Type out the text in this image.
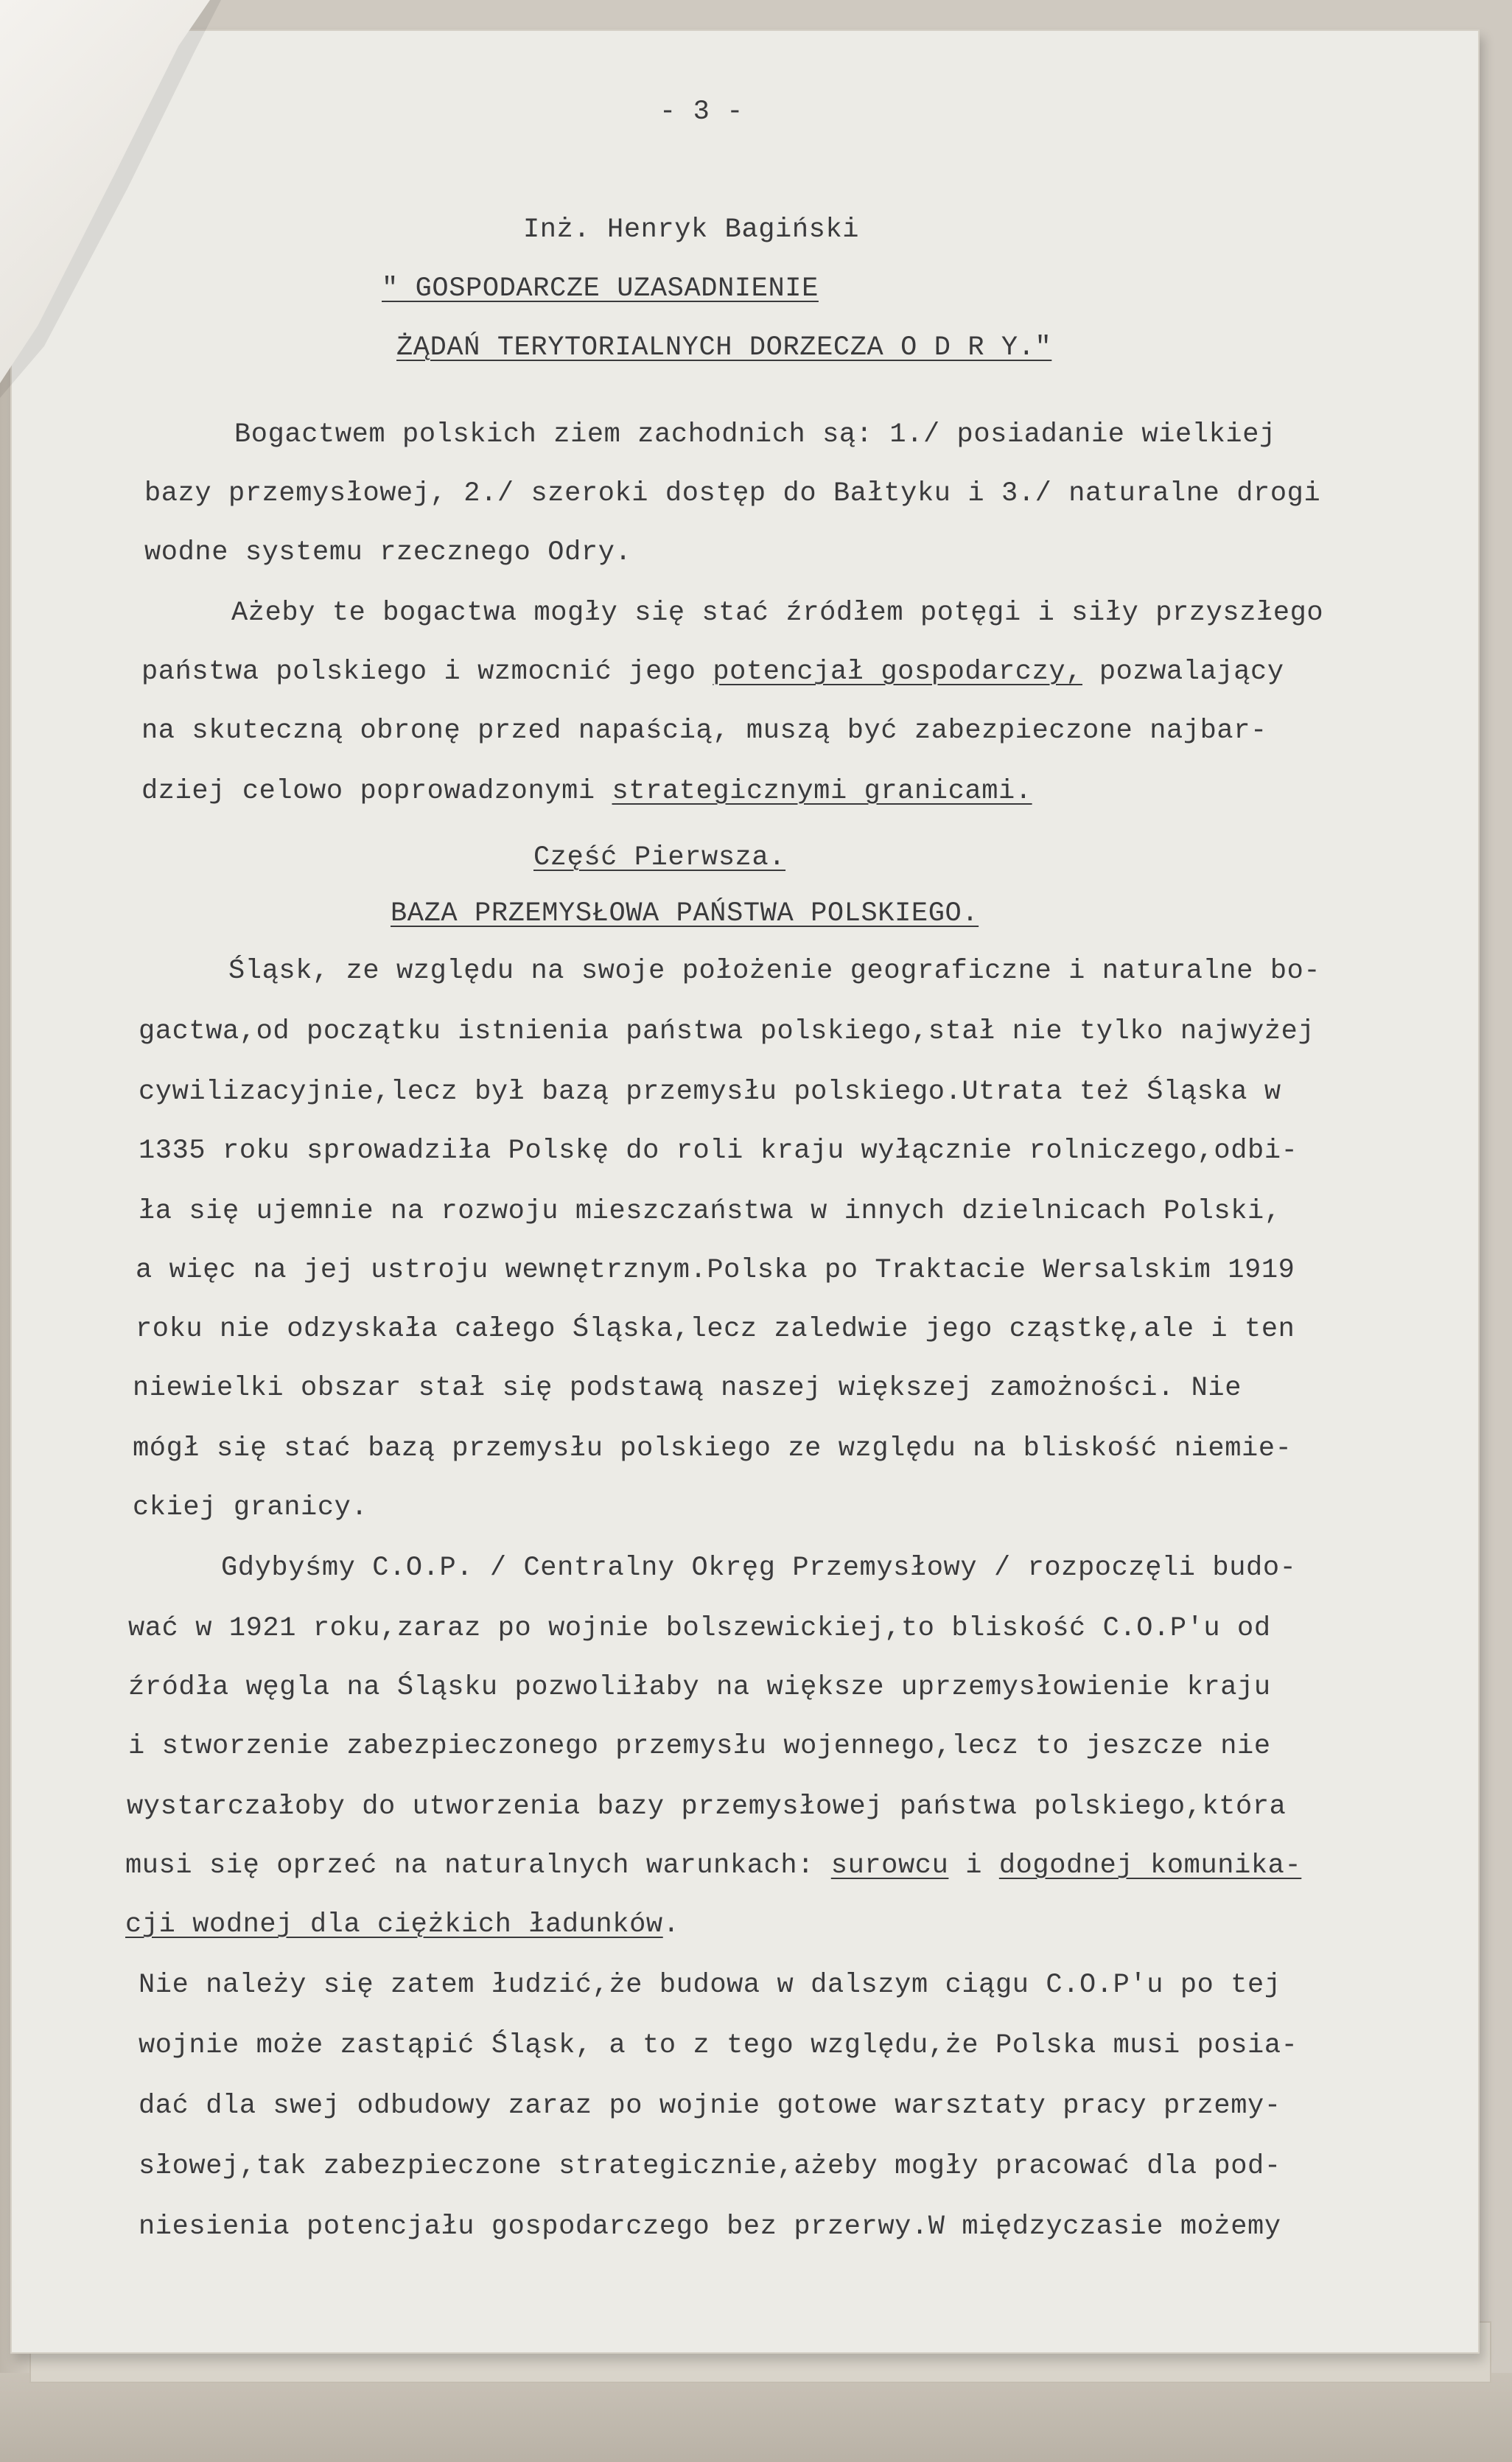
- 3 -
Inż. Henryk Bagiński
" GOSPODARCZE UZASADNIENIE
ŻĄDAŃ TERYTORIALNYCH DORZECZA O D R Y."
Bogactwem polskich ziem zachodnich są: 1./ posiadanie wielkiej
bazy przemysłowej, 2./ szeroki dostęp do Bałtyku i 3./ naturalne drogi
wodne systemu rzecznego Odry.
Ażeby te bogactwa mogły się stać źródłem potęgi i siły przyszłego
państwa polskiego i wzmocnić jego potencjał gospodarczy, pozwalający
na skuteczną obronę przed napaścią, muszą być zabezpieczone najbar-
dziej celowo poprowadzonymi strategicznymi granicami.
Część Pierwsza.
BAZA PRZEMYSŁOWA PAŃSTWA POLSKIEGO.
Śląsk, ze względu na swoje położenie geograficzne i naturalne bo-
gactwa,od początku istnienia państwa polskiego,stał nie tylko najwyżej
cywilizacyjnie,lecz był bazą przemysłu polskiego.Utrata też Śląska w
1335 roku sprowadziła Polskę do roli kraju wyłącznie rolniczego,odbi-
ła się ujemnie na rozwoju mieszczaństwa w innych dzielnicach Polski,
a więc na jej ustroju wewnętrznym.Polska po Traktacie Wersalskim 1919
roku nie odzyskała całego Śląska,lecz zaledwie jego cząstkę,ale i ten
niewielki obszar stał się podstawą naszej większej zamożności. Nie
mógł się stać bazą przemysłu polskiego ze względu na bliskość niemie-
ckiej granicy.
Gdybyśmy C.O.P. / Centralny Okręg Przemysłowy / rozpoczęli budo-
wać w 1921 roku,zaraz po wojnie bolszewickiej,to bliskość C.O.P'u od
źródła węgla na Śląsku pozwoliłaby na większe uprzemysłowienie kraju
i stworzenie zabezpieczonego przemysłu wojennego,lecz to jeszcze nie
wystarczałoby do utworzenia bazy przemysłowej państwa polskiego,która
musi się oprzeć na naturalnych warunkach: surowcu i dogodnej komunika-
cji wodnej dla ciężkich ładunków.
Nie należy się zatem łudzić,że budowa w dalszym ciągu C.O.P'u po tej
wojnie może zastąpić Śląsk, a to z tego względu,że Polska musi posia-
dać dla swej odbudowy zaraz po wojnie gotowe warsztaty pracy przemy-
słowej,tak zabezpieczone strategicznie,ażeby mogły pracować dla pod-
niesienia potencjału gospodarczego bez przerwy.W międzyczasie możemy
